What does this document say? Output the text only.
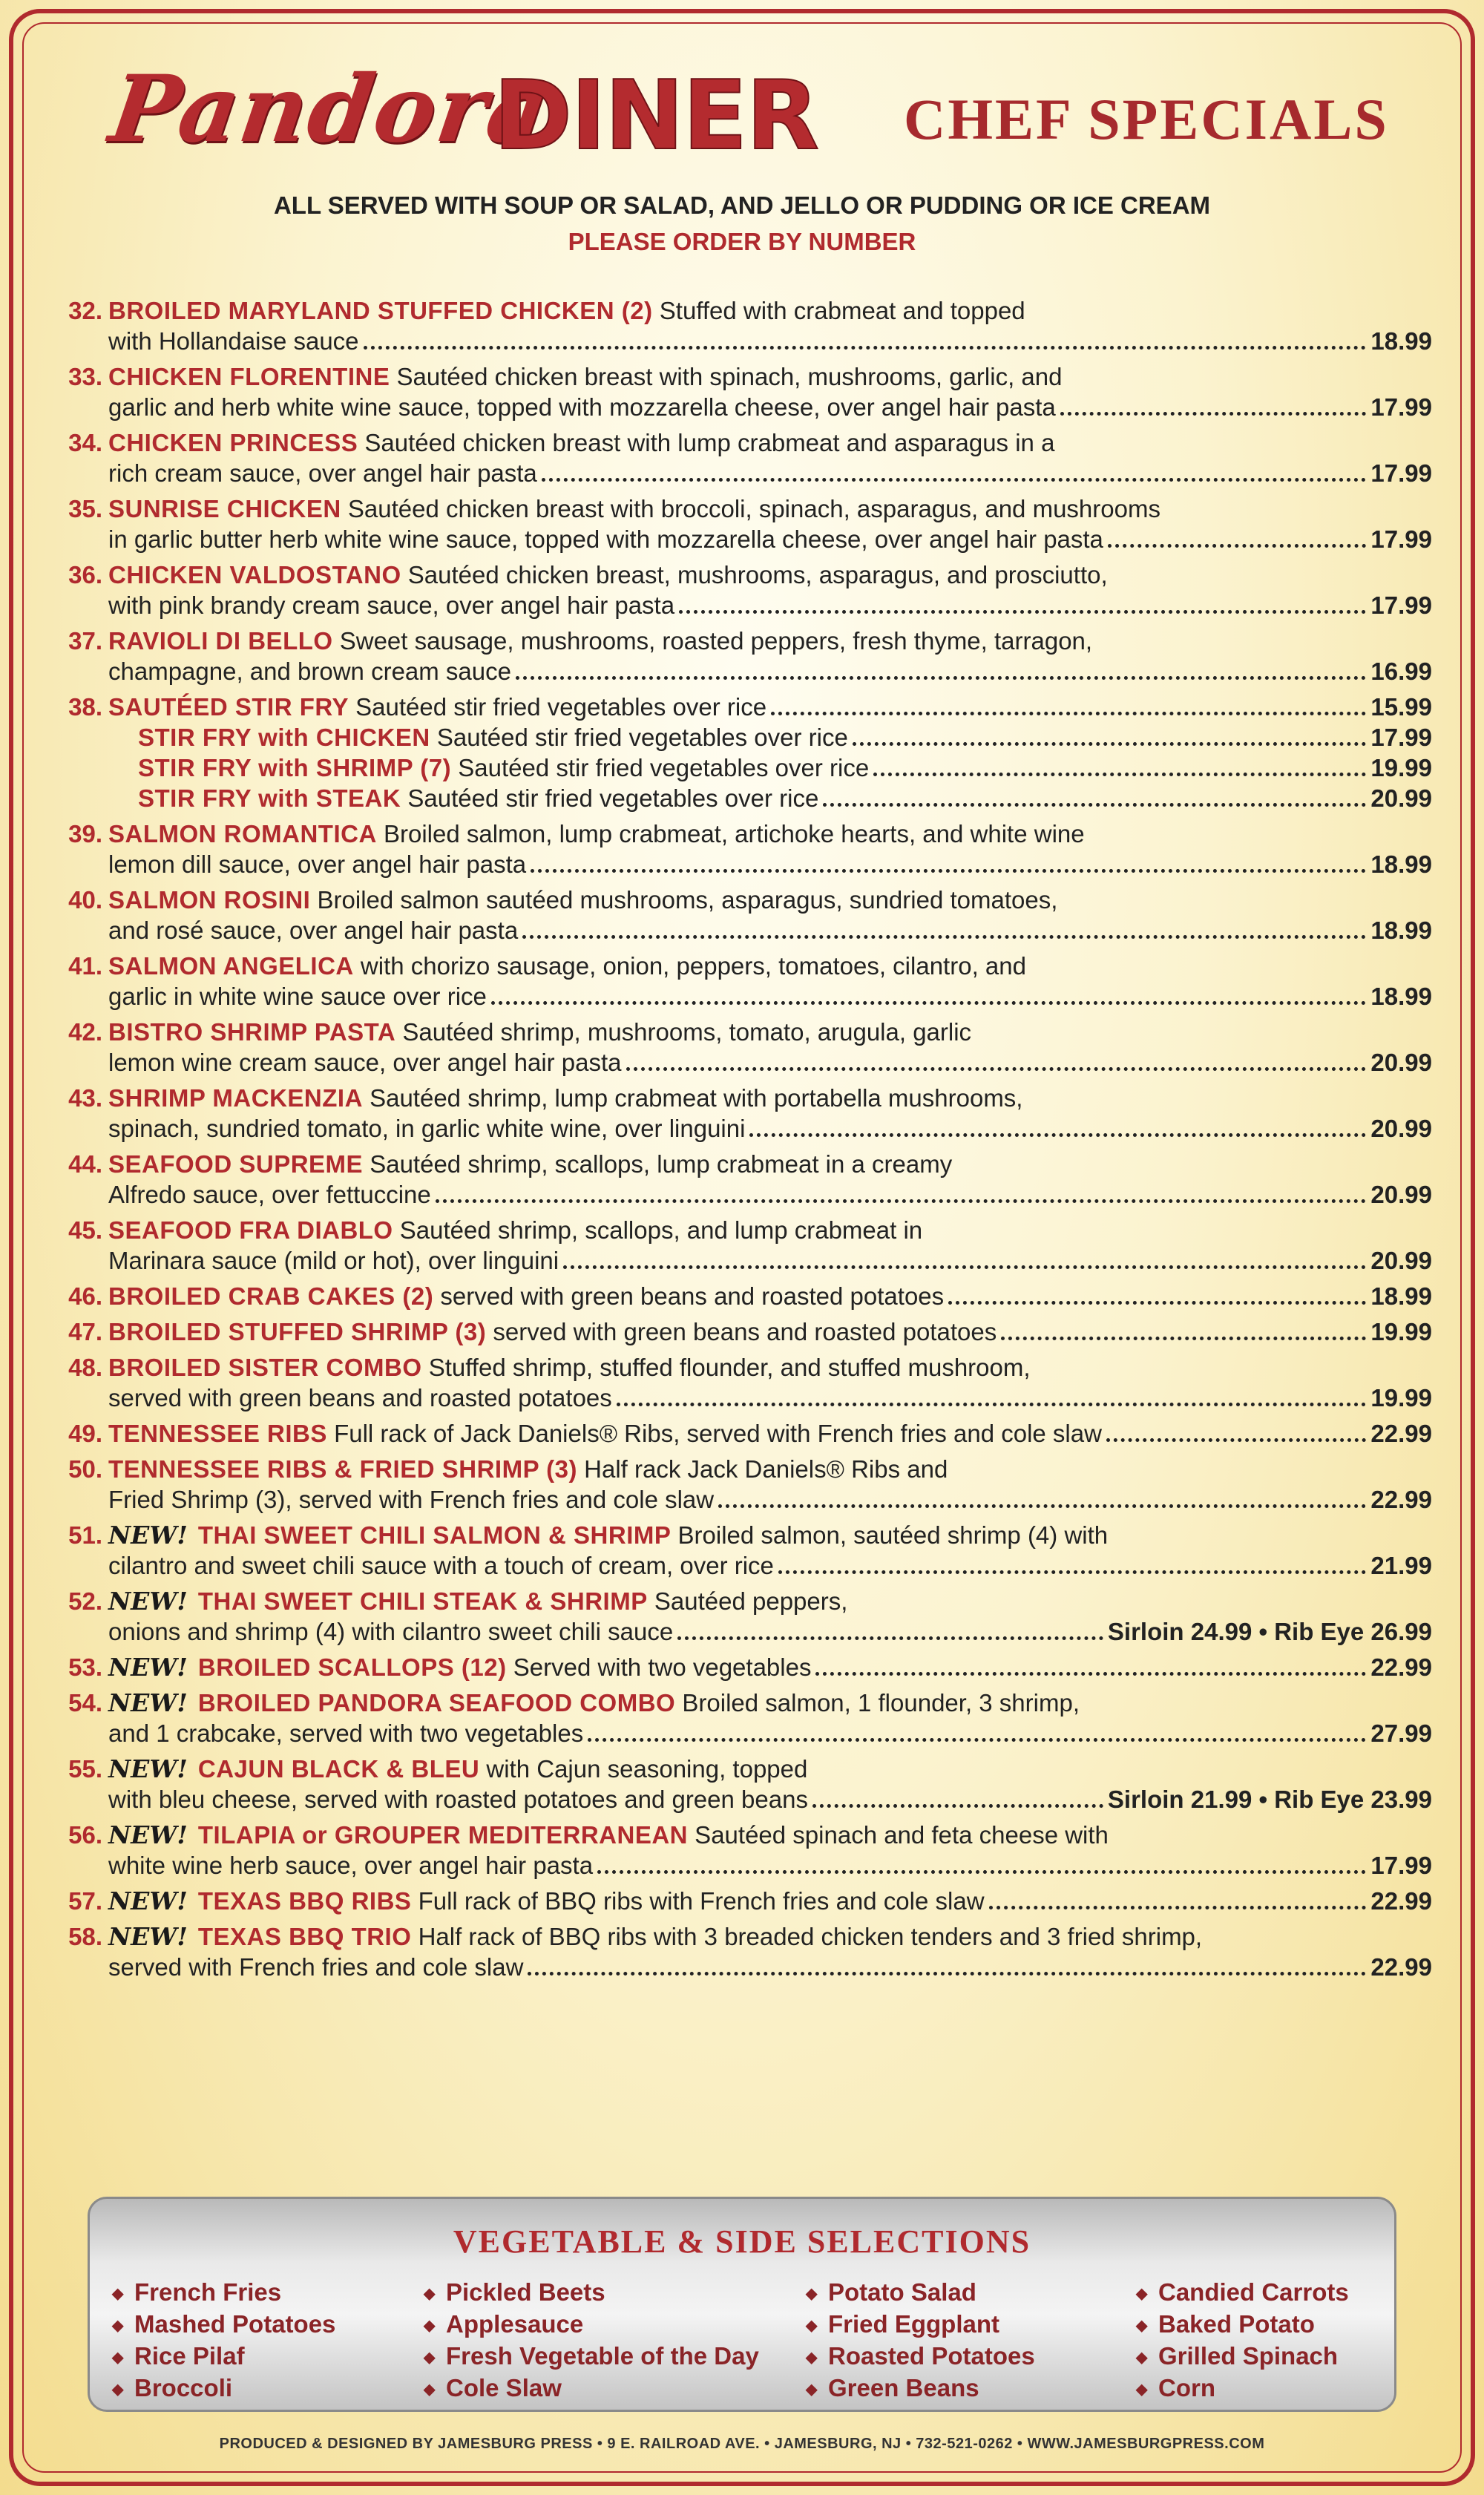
Pandora
DINER CHEF SPECIALS
ALL SERVED WITH SOUP OR SALAD, AND JELLO OR PUDDING OR ICE CREAM
PLEASE ORDER BY NUMBER
32. BROILED MARYLAND STUFFED CHICKEN (2) Stuffed with crabmeat and topped
with Hollandaise sauce	18.99
33. CHICKEN FLORENTINE Sautéed chicken breast with spinach, mushrooms, garlic, and
garlic and herb white wine sauce, topped with mozzarella cheese, over angel hair pasta	17.99
34. CHICKEN PRINCESS Sautéed chicken breast with lump crabmeat and asparagus in a
rich cream sauce, over angel hair pasta	17.99
35. SUNRISE CHICKEN Sautéed chicken breast with broccoli, spinach, asparagus, and mushrooms
in garlic butter herb white wine sauce, topped with mozzarella cheese, over angel hair pasta	17.99
36. CHICKEN VALDOSTANO Sautéed chicken breast, mushrooms, asparagus, and prosciutto,
with pink brandy cream sauce, over angel hair pasta	17.99
37. RAVIOLI DI BELLO Sweet sausage, mushrooms, roasted peppers, fresh thyme, tarragon,
champagne, and brown cream sauce	16.99
38. SAUTÉED STIR FRY Sautéed stir fried vegetables over rice	15.99
STIR FRY with CHICKEN Sautéed stir fried vegetables over rice	17.99
STIR FRY with SHRIMP (7) Sautéed stir fried vegetables over rice	19.99
STIR FRY with STEAK Sautéed stir fried vegetables over rice	20.99
39. SALMON ROMANTICA Broiled salmon, lump crabmeat, artichoke hearts, and white wine
lemon dill sauce, over angel hair pasta	18.99
40. SALMON ROSINI Broiled salmon sautéed mushrooms, asparagus, sundried tomatoes,
and rosé sauce, over angel hair pasta	18.99
41. SALMON ANGELICA with chorizo sausage, onion, peppers, tomatoes, cilantro, and
garlic in white wine sauce over rice	18.99
42. BISTRO SHRIMP PASTA Sautéed shrimp, mushrooms, tomato, arugula, garlic
lemon wine cream sauce, over angel hair pasta	20.99
43. SHRIMP MACKENZIA Sautéed shrimp, lump crabmeat with portabella mushrooms,
spinach, sundried tomato, in garlic white wine, over linguini	20.99
44. SEAFOOD SUPREME Sautéed shrimp, scallops, lump crabmeat in a creamy
Alfredo sauce, over fettuccine	20.99
45. SEAFOOD FRA DIABLO Sautéed shrimp, scallops, and lump crabmeat in
Marinara sauce (mild or hot), over linguini	20.99
46. BROILED CRAB CAKES (2) served with green beans and roasted potatoes	18.99
47. BROILED STUFFED SHRIMP (3) served with green beans and roasted potatoes	19.99
48. BROILED SISTER COMBO Stuffed shrimp, stuffed flounder, and stuffed mushroom,
served with green beans and roasted potatoes	19.99
49. TENNESSEE RIBS Full rack of Jack Daniels® Ribs, served with French fries and cole slaw	22.99
50. TENNESSEE RIBS & FRIED SHRIMP (3) Half rack Jack Daniels® Ribs and
Fried Shrimp (3), served with French fries and cole slaw	22.99
51. NEW! THAI SWEET CHILI SALMON & SHRIMP Broiled salmon, sautéed shrimp (4) with
cilantro and sweet chili sauce with a touch of cream, over rice	21.99
52. NEW! THAI SWEET CHILI STEAK & SHRIMP Sautéed peppers,
onions and shrimp (4) with cilantro sweet chili sauce	Sirloin 24.99 • Rib Eye 26.99
53. NEW! BROILED SCALLOPS (12) Served with two vegetables	22.99
54. NEW! BROILED PANDORA SEAFOOD COMBO Broiled salmon, 1 flounder, 3 shrimp,
and 1 crabcake, served with two vegetables	27.99
55. NEW! CAJUN BLACK & BLEU with Cajun seasoning, topped
with bleu cheese, served with roasted potatoes and green beans	Sirloin 21.99 • Rib Eye 23.99
56. NEW! TILAPIA or GROUPER MEDITERRANEAN Sautéed spinach and feta cheese with
white wine herb sauce, over angel hair pasta	17.99
57. NEW! TEXAS BBQ RIBS Full rack of BBQ ribs with French fries and cole slaw	22.99
58. NEW! TEXAS BBQ TRIO Half rack of BBQ ribs with 3 breaded chicken tenders and 3 fried shrimp,
served with French fries and cole slaw	22.99
VEGETABLE & SIDE SELECTIONS
◆ French Fries
◆ Mashed Potatoes
◆ Rice Pilaf
◆ Broccoli
◆ Pickled Beets
◆ Applesauce
◆ Fresh Vegetable of the Day
◆ Cole Slaw
◆ Potato Salad
◆ Fried Eggplant
◆ Roasted Potatoes
◆ Green Beans
◆ Candied Carrots
◆ Baked Potato
◆ Grilled Spinach
◆ Corn
PRODUCED & DESIGNED BY JAMESBURG PRESS • 9 E. RAILROAD AVE. • JAMESBURG, NJ • 732-521-0262 • WWW.JAMESBURGPRESS.COM
